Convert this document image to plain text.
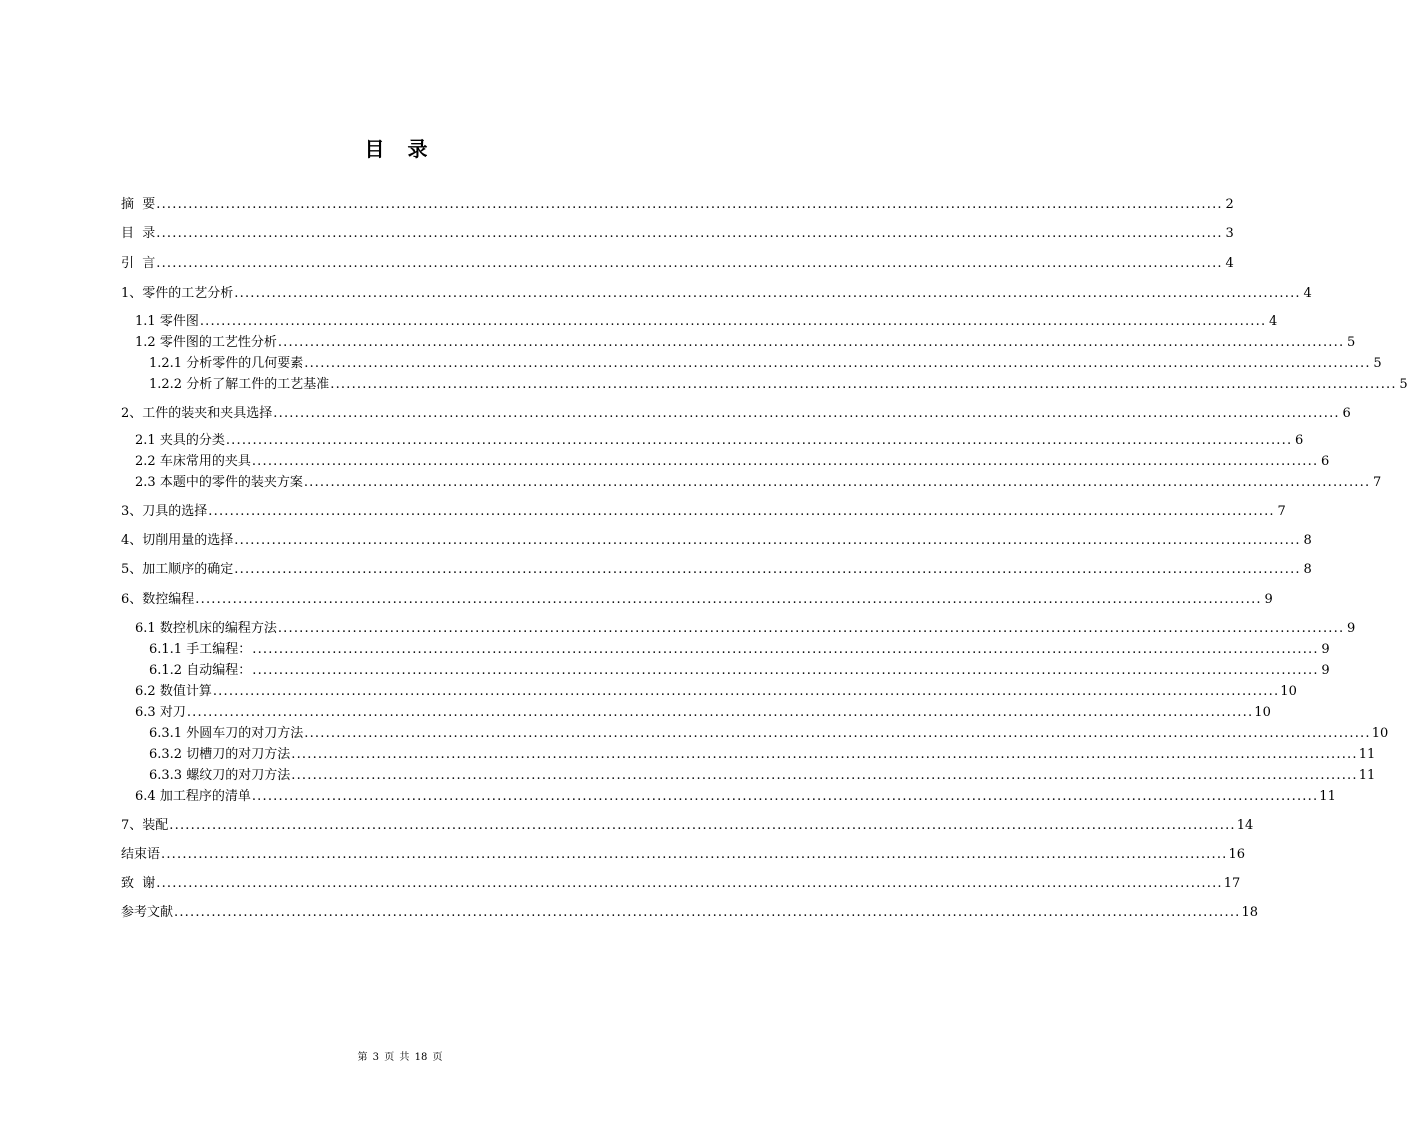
目 录
摘  要 ........................................................................................................................................................................................................ 2
目  录 ........................................................................................................................................................................................................ 3
引  言 ........................................................................................................................................................................................................ 4
1、 零件的工艺分析 ........................................................................................................................................................................................................ 4
1.1 零件图 ........................................................................................................................................................................................................ 4
1.2 零件图的工艺性分析 ........................................................................................................................................................................................................ 5
1.2.1 分析零件的几何要素 ........................................................................................................................................................................................................ 5
1.2.2 分析了解工件的工艺基准 ........................................................................................................................................................................................................ 5
2、 工件的装夹和夹具选择 ........................................................................................................................................................................................................ 6
2.1 夹具的分类 ........................................................................................................................................................................................................ 6
2.2 车床常用的夹具 ........................................................................................................................................................................................................ 6
2.3 本题中的零件的装夹方案 ........................................................................................................................................................................................................ 7
3、 刀具的选择 ........................................................................................................................................................................................................ 7
4、 切削用量的选择 ........................................................................................................................................................................................................ 8
5、 加工顺序的确定 ........................................................................................................................................................................................................ 8
6、 数控编程 ........................................................................................................................................................................................................ 9
6.1 数控机床的编程方法 ........................................................................................................................................................................................................ 9
6.1.1 手工编程： ........................................................................................................................................................................................................ 9
6.1.2 自动编程： ........................................................................................................................................................................................................ 9
6.2 数值计算 ........................................................................................................................................................................................................ 10
6.3 对刀 ........................................................................................................................................................................................................ 10
6.3.1 外圆车刀的对刀方法 ........................................................................................................................................................................................................ 10
6.3.2 切槽刀的对刀方法 ........................................................................................................................................................................................................ 11
6.3.3 螺纹刀的对刀方法 ........................................................................................................................................................................................................ 11
6.4 加工程序的清单 ........................................................................................................................................................................................................ 11
7、 装配 ........................................................................................................................................................................................................ 14
结束语 ........................................................................................................................................................................................................ 16
致  谢 ........................................................................................................................................................................................................ 17
参考文献 ........................................................................................................................................................................................................ 18
第 3 页 共 18 页
